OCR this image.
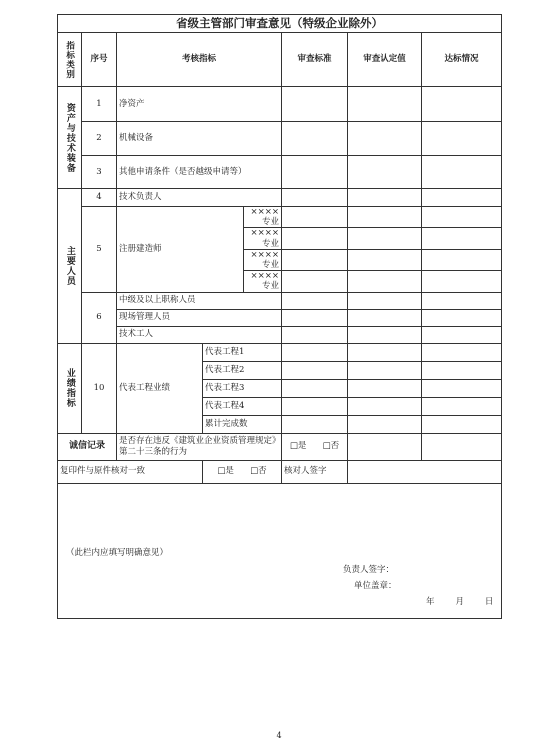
省级主管部门审查意见（特级企业除外）							

指标类别	序号	考核指标			审查标准	审查认定值	达标情况

资产与技术装备	1	净资产					
	2	机械设备					
	3	其他申请条件（是否越级申请等）					

主要人员	4	技术负责人					
	5	注册建造师		××××专业			
				××××专业			
				××××专业			
				××××专业			
	6	中级及以上职称人员					
		现场管理人员					
		技术工人					

业绩指标	10	代表工程业绩	代表工程1				
			代表工程2				
			代表工程3				
			代表工程4				
			累计完成数				
诚信记录		是否存在违反《建筑业企业资质管理规定》第二十三条的行为			□是 □否		
复印件与原件核对一致			□是 □否		核对人签字		

（此栏内应填写明确意见）
负责人签字：
单位盖章：
年 月 日							
4
